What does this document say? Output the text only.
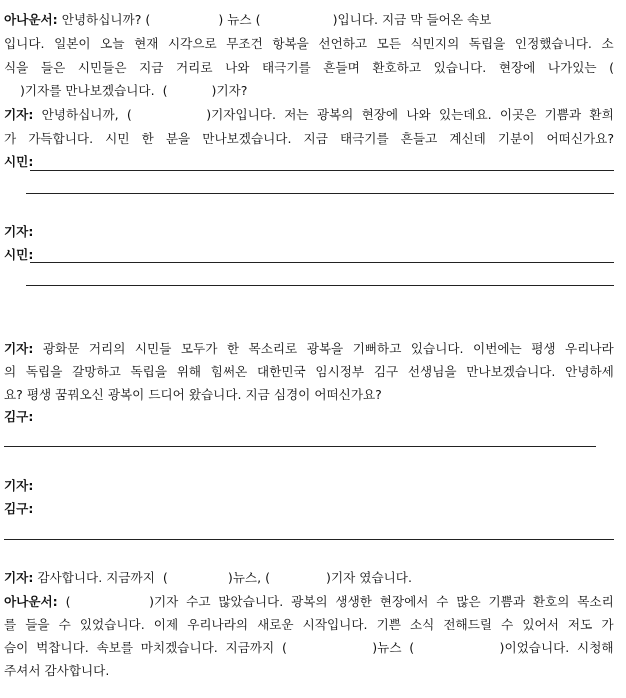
아나운서: 안녕하십니까? (                 ) 뉴스 (                  )입니다. 지금 막 들어온 속보
입니다. 일본이 오늘 현재 시각으로 무조건 항복을 선언하고 모든 식민지의 독립을 인정했습니다. 소
식을 들은 시민들은 지금 거리로 나와 태극기를 흔들며 환호하고 있습니다. 현장에 나가있는 (
)기자를 만나보겠습니다.  (           )기자?
기자: 안녕하십니까, (         )기자입니다. 저는 광복의 현장에 나와 있는데요. 이곳은 기쁨과 환희
가 가득합니다. 시민 한 분을 만나보겠습니다. 지금 태극기를 흔들고 계신데 기분이 어떠신가요?
시민:
기자:
시민:
기자: 광화문 거리의 시민들 모두가 한 목소리로 광복을 기뻐하고 있습니다. 이번에는 평생 우리나라
의 독립을 갈망하고 독립을 위해 힘써온 대한민국 임시정부 김구 선생님을 만나보겠습니다. 안녕하세
요? 평생 꿈꿔오신 광복이 드디어 왔습니다. 지금 심경이 어떠신가요?
김구:
기자:
김구:
기자: 감사합니다. 지금까지  (               )뉴스, (              )기자 였습니다.
아나운서: (          )기자 수고 많았습니다. 광복의 생생한 현장에서 수 많은 기쁨과 환호의 목소리
를 들을 수 있었습니다. 이제 우리나라의 새로운 시작입니다. 기쁜 소식 전해드릴 수 있어서 저도 가
슴이 벅찹니다. 속보를 마치겠습니다. 지금까지 (           )뉴스 (           )이었습니다. 시청해
주셔서 감사합니다.
